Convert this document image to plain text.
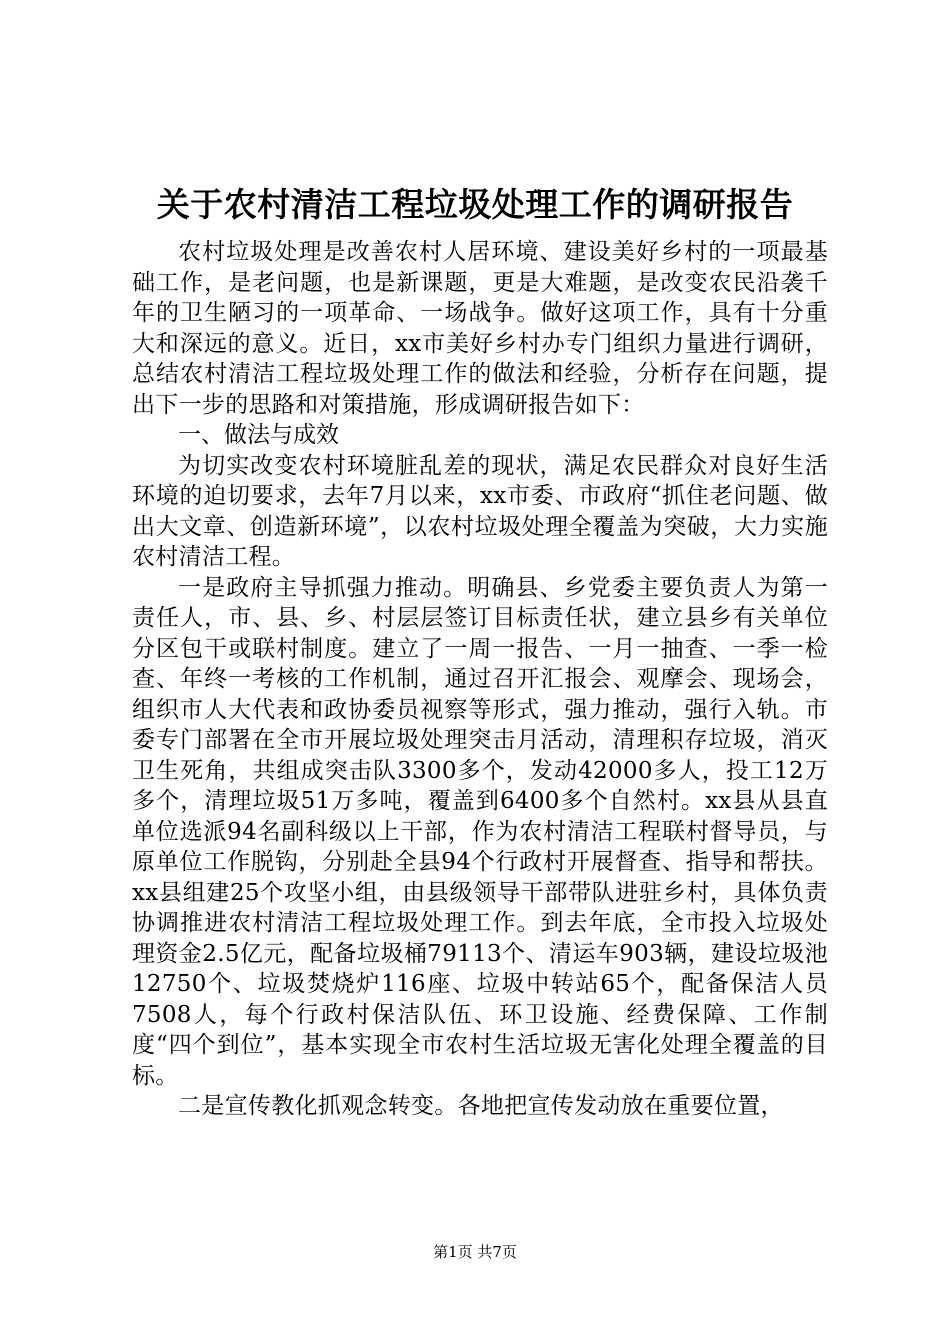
关于农村清洁工程垃圾处理工作的调研报告

农村垃圾处理是改善农村人居环境、建设美好乡村的一项最基础工作，是老问题，也是新课题，更是大难题，是改变农民沿袭千年的卫生陋习的一项革命、一场战争。做好这项工作，具有十分重大和深远的意义。近日，xx市美好乡村办专门组织力量进行调研，总结农村清洁工程垃圾处理工作的做法和经验，分析存在问题，提出下一步的思路和对策措施，形成调研报告如下：

一、做法与成效

为切实改变农村环境脏乱差的现状，满足农民群众对良好生活环境的迫切要求，去年7月以来，xx市委、市政府“抓住老问题、做出大文章、创造新环境”，以农村垃圾处理全覆盖为突破，大力实施农村清洁工程。

一是政府主导抓强力推动。明确县、乡党委主要负责人为第一责任人，市、县、乡、村层层签订目标责任状，建立县乡有关单位分区包干或联村制度。建立了一周一报告、一月一抽查、一季一检查、年终一考核的工作机制，通过召开汇报会、观摩会、现场会，组织市人大代表和政协委员视察等形式，强力推动，强行入轨。市委专门部署在全市开展垃圾处理突击月活动，清理积存垃圾，消灭卫生死角，共组成突击队3300多个，发动42000多人，投工12万多个，清理垃圾51万多吨，覆盖到6400多个自然村。xx县从县直单位选派94名副科级以上干部，作为农村清洁工程联村督导员，与原单位工作脱钩，分别赴全县94个行政村开展督查、指导和帮扶。xx县组建25个攻坚小组，由县级领导干部带队进驻乡村，具体负责协调推进农村清洁工程垃圾处理工作。到去年底，全市投入垃圾处理资金2.5亿元，配备垃圾桶79113个、清运车903辆，建设垃圾池12750个、垃圾焚烧炉116座、垃圾中转站65个，配备保洁人员7508人，每个行政村保洁队伍、环卫设施、经费保障、工作制度“四个到位”，基本实现全市农村生活垃圾无害化处理全覆盖的目标。

二是宣传教化抓观念转变。各地把宣传发动放在重要位置，

第1页 共7页
